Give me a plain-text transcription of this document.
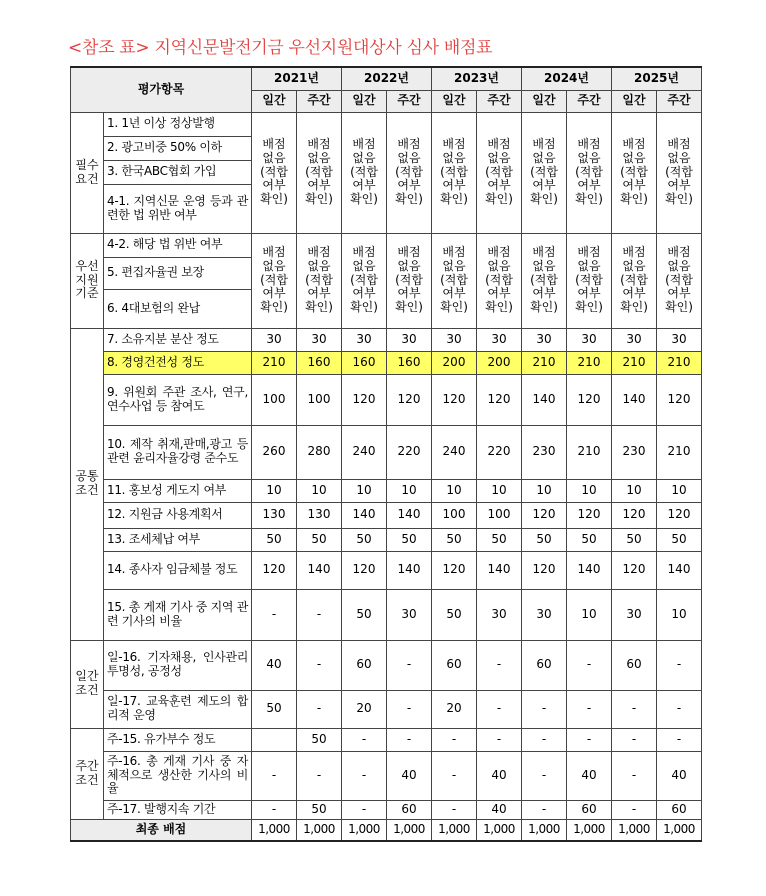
<참조 표> 지역신문발전기금 우선지원대상사 심사 배점표
평가항목		2021년		2022년		2023년		2024년		2025년	
		일간	주간	일간	주간	일간	주간	일간	주간	일간	주간
필수요건	1. 1년 이상 정상발행	배점 없음 (적합 여부 확인)	배점 없음 (적합 여부 확인)	배점 없음 (적합 여부 확인)	배점 없음 (적합 여부 확인)	배점 없음 (적합 여부 확인)	배점 없음 (적합 여부 확인)	배점 없음 (적합 여부 확인)	배점 없음 (적합 여부 확인)	배점 없음 (적합 여부 확인)	배점 없음 (적합 여부 확인)
	2. 광고비중 50% 이하										
	3. 한국ABC협회 가입										
	4-1. 지역신문 운영 등과 관련한 법 위반 여부										
우선지원기준	4-2. 해당 법 위반 여부	배점 없음 (적합 여부 확인)	배점 없음 (적합 여부 확인)	배점 없음 (적합 여부 확인)	배점 없음 (적합 여부 확인)	배점 없음 (적합 여부 확인)	배점 없음 (적합 여부 확인)	배점 없음 (적합 여부 확인)	배점 없음 (적합 여부 확인)	배점 없음 (적합 여부 확인)	배점 없음 (적합 여부 확인)
	5. 편집자율권 보장										
	6. 4대보험의 완납										
공통조건	7. 소유지분 분산 정도	30	30	30	30	30	30	30	30	30	30
	8. 경영건전성 정도	210	160	160	160	200	200	210	210	210	210
	9. 위원회 주관 조사, 연구, 연수사업 등 참여도	100	100	120	120	120	120	140	120	140	120
	10. 제작 취재,판매,광고 등 관련 윤리자율강령 준수도	260	280	240	220	240	220	230	210	230	210
	11. 홍보성 게도지 여부	10	10	10	10	10	10	10	10	10	10
	12. 지원금 사용계획서	130	130	140	140	100	100	120	120	120	120
	13. 조세체납 여부	50	50	50	50	50	50	50	50	50	50
	14. 종사자 임금체불 정도	120	140	120	140	120	140	120	140	120	140
	15. 총 게재 기사 중 지역 관련 기사의 비율	-	-	50	30	50	30	30	10	30	10
일간조건	일-16. 기자채용, 인사관리 투명성, 공정성	40	-	60	-	60	-	60	-	60	-
	일-17. 교육훈련 제도의 합리적 운영	50	-	20	-	20	-	-	-	-	-
주간조건	주-15. 유가부수 정도		50	-	-	-	-	-	-	-	-
	주-16. 총 게재 기사 중 자체적으로 생산한 기사의 비율	-	-	-	40	-	40	-	40	-	40
	주-17. 발행지속 기간	-	50	-	60	-	40	-	60	-	60
최종 배점		1,000	1,000	1,000	1,000	1,000	1,000	1,000	1,000	1,000	1,000
